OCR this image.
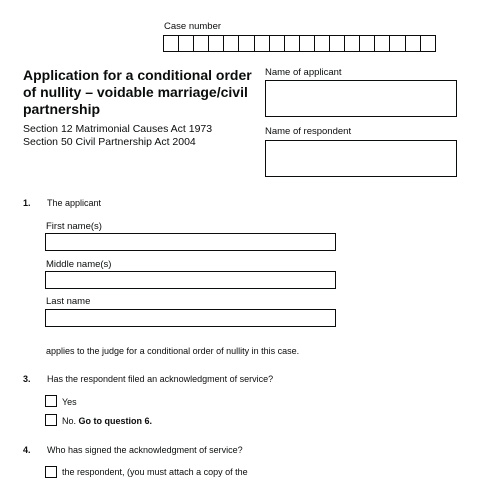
Case number
Application for a conditional order of nullity – voidable marriage/civil partnership
Section 12 Matrimonial Causes Act 1973
Section 50 Civil Partnership Act 2004
Name of applicant
Name of respondent
1. The applicant
First name(s)
Middle name(s)
Last name
applies to the judge for a conditional order of nullity in this case.
3. Has the respondent filed an acknowledgment of service?
Yes
No. Go to question 6.
4. Who has signed the acknowledgment of service?
the respondent, (you must attach a copy of the
